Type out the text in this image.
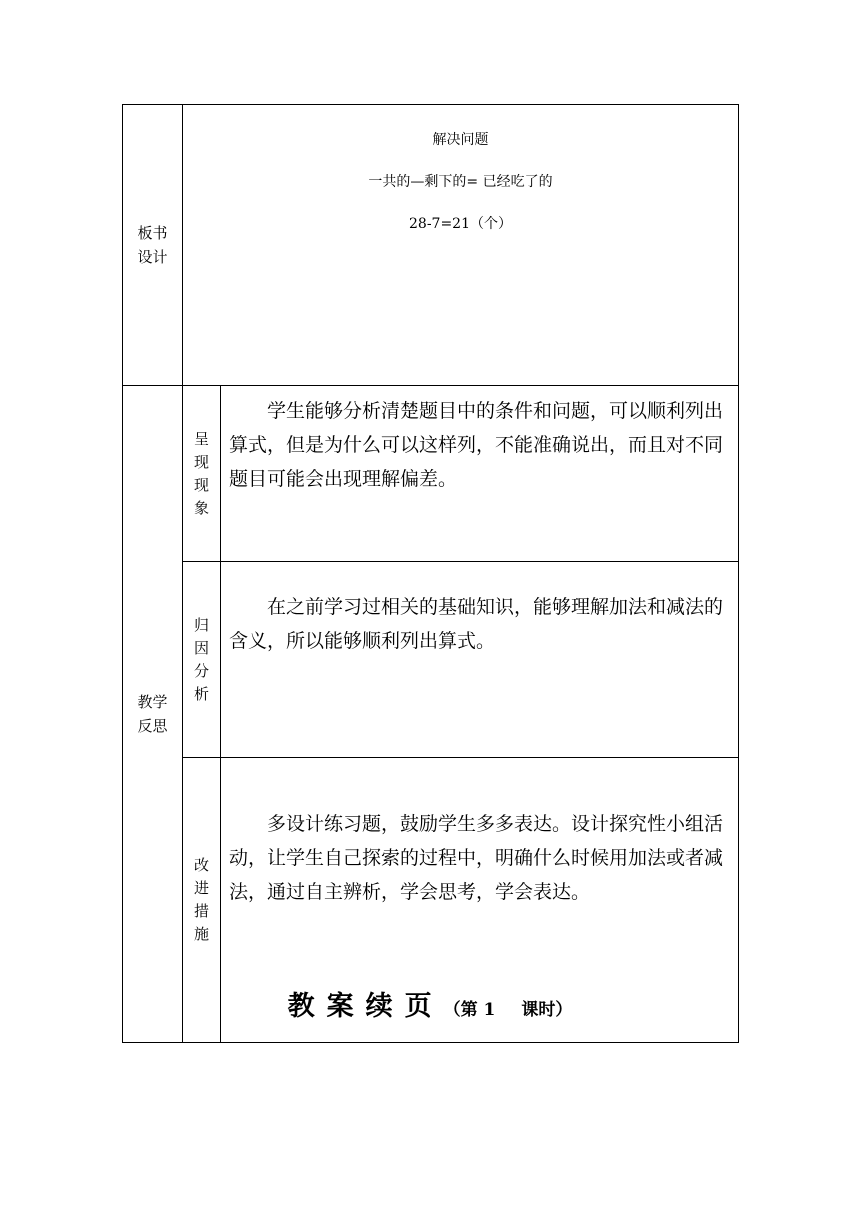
板书
设计	解决问题
一共的—剩下的= 已经吃了的
28-7=21（个）	

教学
反思	呈
现
现
象	学生能够分析清楚题目中的条件和问题，可以顺利列出算式，但是为什么可以这样列，不能准确说出，而且对不同题目可能会出现理解偏差。

	归
因
分
析	在之前学习过相关的基础知识，能够理解加法和减法的含义，所以能够顺利列出算式。

	改
进
措
施	多设计练习题，鼓励学生多多表达。设计探究性小组活动，让学生自己探索的过程中，明确什么时候用加法或者减法，通过自主辨析，学会思考，学会表达。
教案续页（第 1 课时）
